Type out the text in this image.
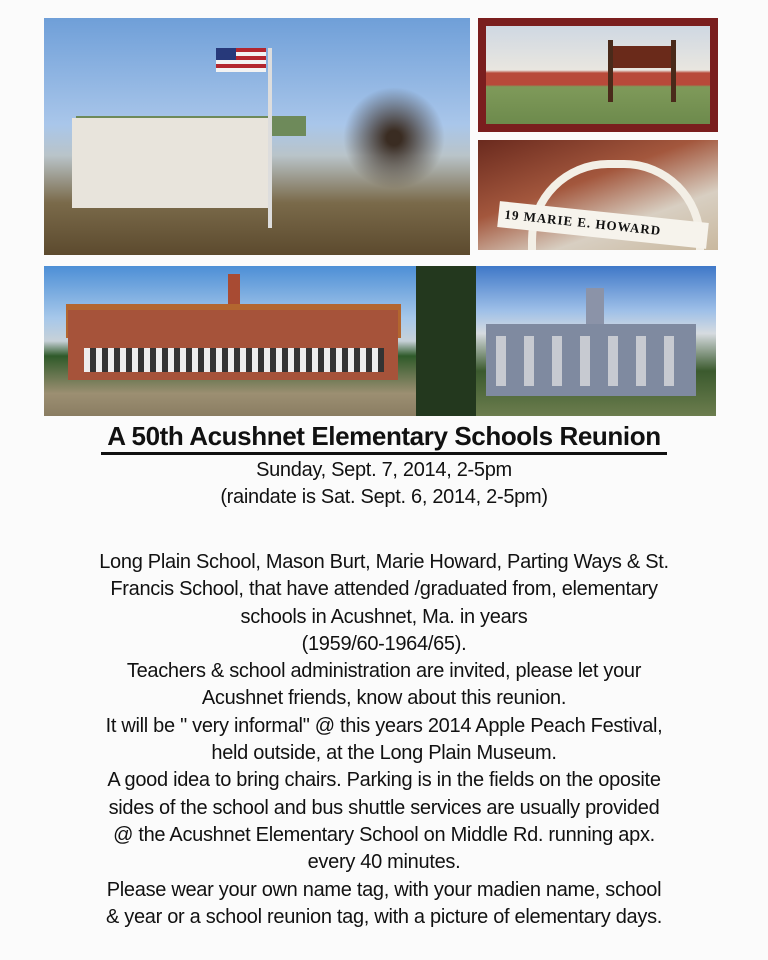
19 MARIE E. HOWARD
A 50th Acushnet Elementary Schools Reunion
Sunday, Sept. 7, 2014, 2-5pm
(raindate is Sat. Sept. 6, 2014, 2-5pm)
Long Plain School, Mason Burt, Marie Howard, Parting Ways & St.
Francis School, that have attended /graduated from, elementary
schools in Acushnet, Ma. in years
(1959/60-1964/65).
Teachers & school administration are invited, please let your
Acushnet friends, know about this reunion.
It will be " very informal" @ this years 2014 Apple Peach Festival,
held outside, at the Long Plain Museum.
A good idea to bring chairs. Parking is in the fields on the oposite
sides of the school and bus shuttle services are usually provided
@ the Acushnet Elementary School on Middle Rd. running apx.
every 40 minutes.
Please wear your own name tag, with your madien name, school
& year or a school reunion tag, with a picture of elementary days.
